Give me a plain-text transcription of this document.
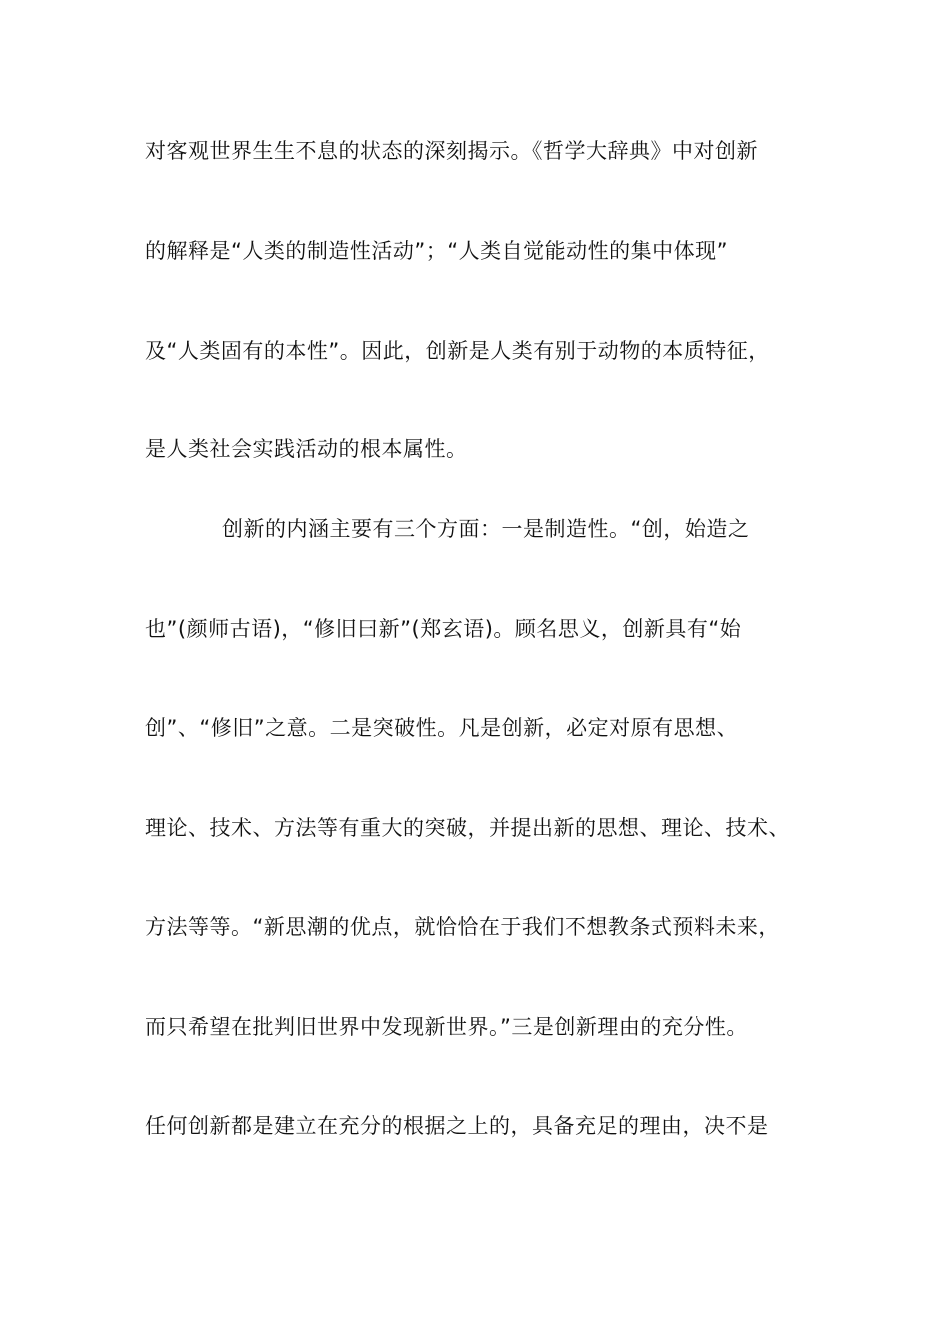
对客观世界生生不息的状态的深刻揭示。《哲学大辞典》中对创新
的解释是“人类的制造性活动”；“人类自觉能动性的集中体现”
及“人类固有的本性”。因此，创新是人类有别于动物的本质特征，
是人类社会实践活动的根本属性。
创新的内涵主要有三个方面：一是制造性。“创，始造之
也”(颜师古语)，“修旧曰新”(郑玄语)。顾名思义，创新具有“始
创”、“修旧”之意。二是突破性。凡是创新，必定对原有思想、
理论、技术、方法等有重大的突破，并提出新的思想、理论、技术、
方法等等。“新思潮的优点，就恰恰在于我们不想教条式预料未来，
而只希望在批判旧世界中发现新世界。”三是创新理由的充分性。
任何创新都是建立在充分的根据之上的，具备充足的理由，决不是
